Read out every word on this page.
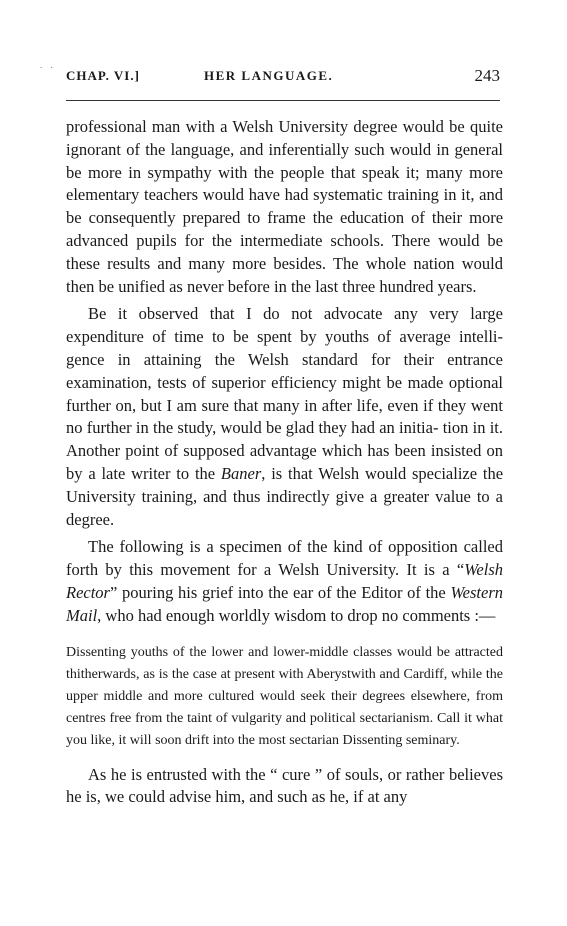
. .
CHAP. VI.]	HER LANGUAGE.	243

professional man with a Welsh University degree would be quite ignorant of the language, and inferentially such would in general be more in sympathy with the people that speak it; many more elementary teachers would have had systematic training in it, and be consequently prepared to frame the education of their more advanced pupils for the intermediate schools. There would be these results and many more besides. The whole nation would then be unified as never before in the last three hundred years.

Be it observed that I do not advocate any very large expenditure of time to be spent by youths of average intelli- gence in attaining the Welsh standard for their entrance examination, tests of superior efficiency might be made optional further on, but I am sure that many in after life, even if they went no further in the study, would be glad they had an initia- tion in it. Another point of supposed advantage which has been insisted on by a late writer to the Baner, is that Welsh would specialize the University training, and thus indirectly give a greater value to a degree.

The following is a specimen of the kind of opposition called forth by this movement for a Welsh University. It is a “Welsh Rector” pouring his grief into the ear of the Editor of the Western Mail, who had enough worldly wisdom to drop no comments :—

Dissenting youths of the lower and lower-middle classes would be attracted thitherwards, as is the case at present with Aberystwith and Cardiff, while the upper middle and more cultured would seek their degrees elsewhere, from centres free from the taint of vulgarity and political sectarianism. Call it what you like, it will soon drift into the most sectarian Dissenting seminary.

As he is entrusted with the “ cure ” of souls, or rather believes he is, we could advise him, and such as he, if at any
